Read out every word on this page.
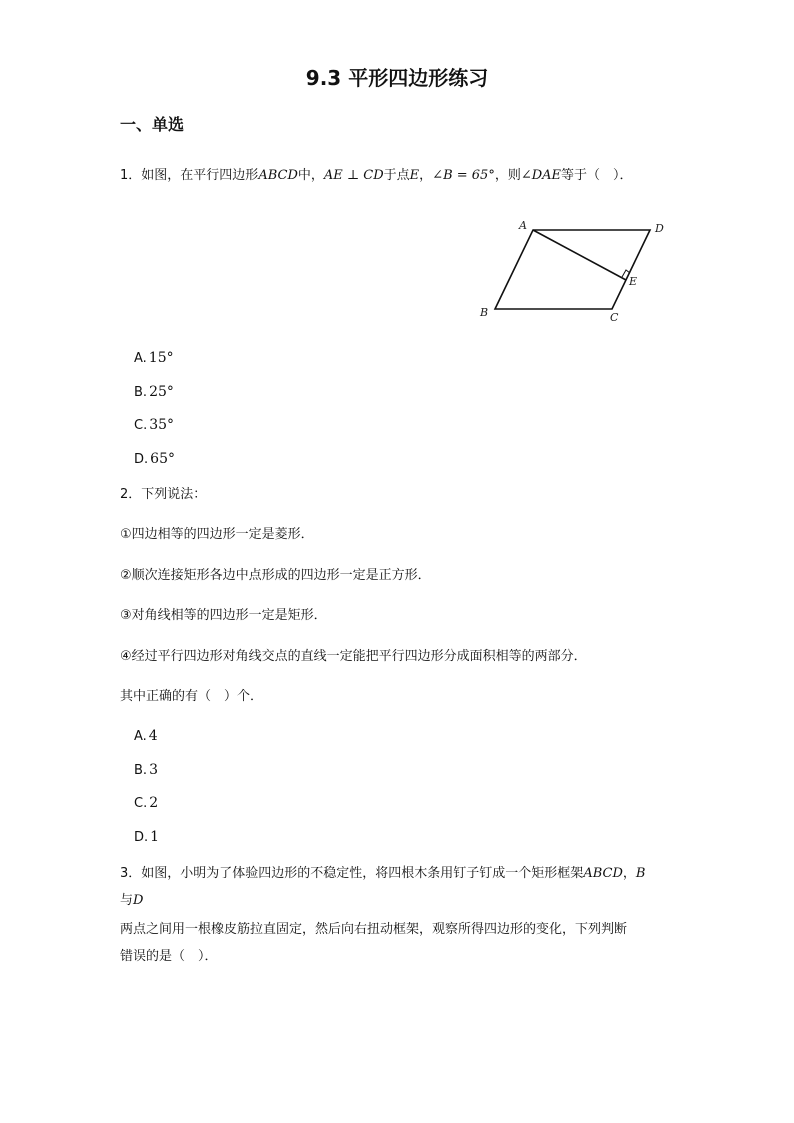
9.3 平形四边形练习
一、单选
1．如图，在平行四边形ABCD中，AE ⊥ CD于点E，∠B = 65°，则∠DAE等于（　）．
A	D
E
B	C
A. 15°
B. 25°
C. 35°
D. 65°
2．下列说法：
①四边相等的四边形一定是菱形．
②顺次连接矩形各边中点形成的四边形一定是正方形．
③对角线相等的四边形一定是矩形．
④经过平行四边形对角线交点的直线一定能把平行四边形分成面积相等的两部分．
其中正确的有（　）个．
A. 4
B. 3
C. 2
D. 1
3．如图，小明为了体验四边形的不稳定性，将四根木条用钉子钉成一个矩形框架ABCD，B
与D
两点之间用一根橡皮筋拉直固定，然后向右扭动框架，观察所得四边形的变化，下列判断
错误的是（　）．
